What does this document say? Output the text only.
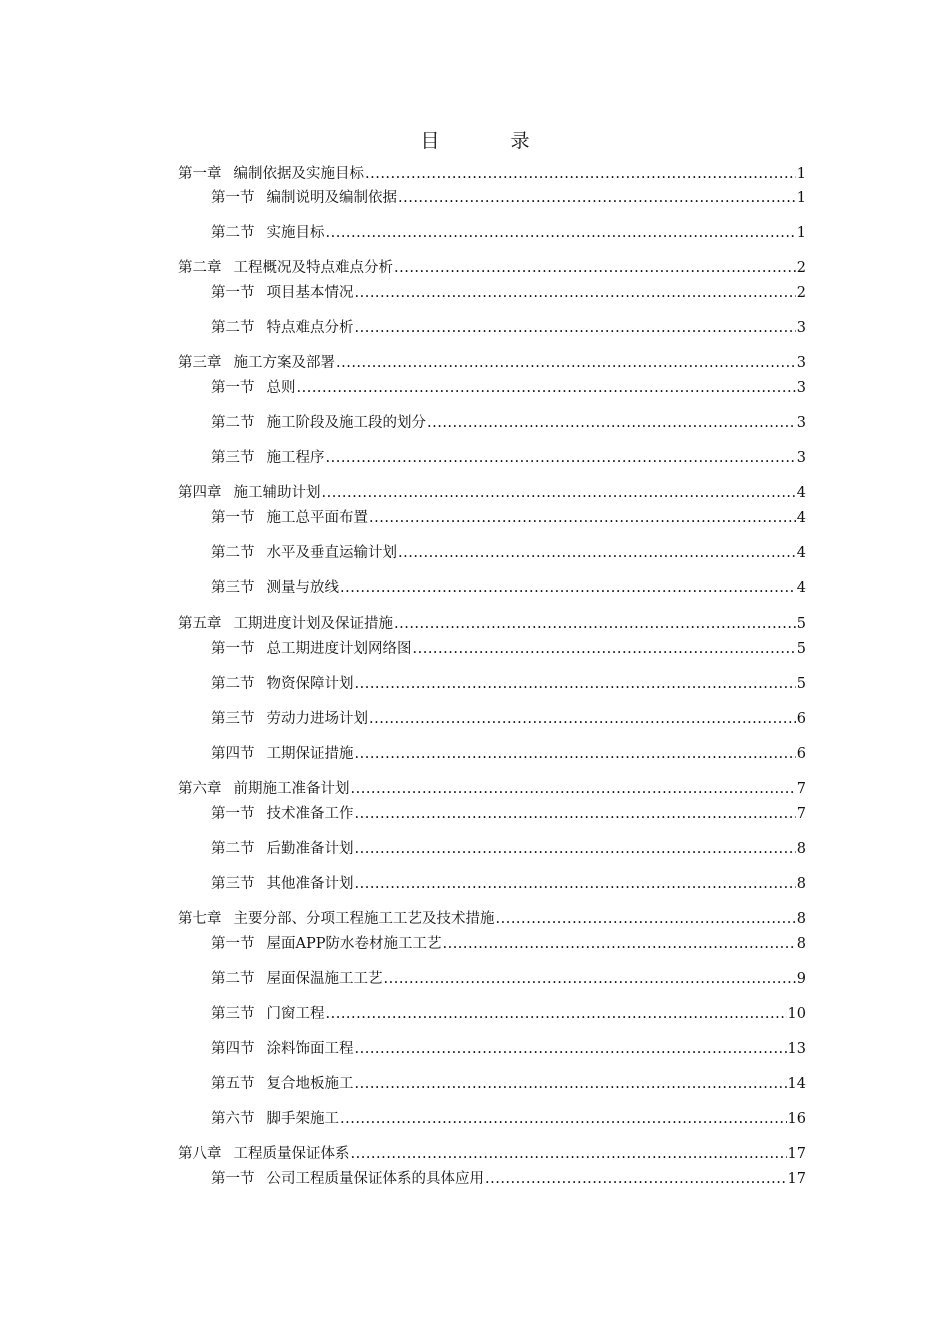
目　录
第一章 编制依据及实施目标 .....	1
第一节 编制说明及编制依据 .....	1
第二节 实施目标 .....	1
第二章 工程概况及特点难点分析 .....	2
第一节 项目基本情况 .....	2
第二节 特点难点分析 .....	3
第三章 施工方案及部署 .....	3
第一节 总则 .....	3
第二节 施工阶段及施工段的划分 .....	3
第三节 施工程序 .....	3
第四章 施工辅助计划 .....	4
第一节 施工总平面布置 .....	4
第二节 水平及垂直运输计划 .....	4
第三节 测量与放线 .....	4
第五章 工期进度计划及保证措施 .....	5
第一节 总工期进度计划网络图 .....	5
第二节 物资保障计划 .....	5
第三节 劳动力进场计划 .....	6
第四节 工期保证措施 .....	6
第六章 前期施工准备计划 .....	7
第一节 技术准备工作 .....	7
第二节 后勤准备计划 .....	8
第三节 其他准备计划 .....	8
第七章 主要分部、分项工程施工工艺及技术措施 .....	8
第一节 屋面APP防水卷材施工工艺 .....	8
第二节 屋面保温施工工艺 .....	9
第三节 门窗工程 .....	10
第四节 涂料饰面工程 .....	13
第五节 复合地板施工 .....	14
第六节 脚手架施工 .....	16
第八章 工程质量保证体系 .....	17
第一节 公司工程质量保证体系的具体应用 .....	17
